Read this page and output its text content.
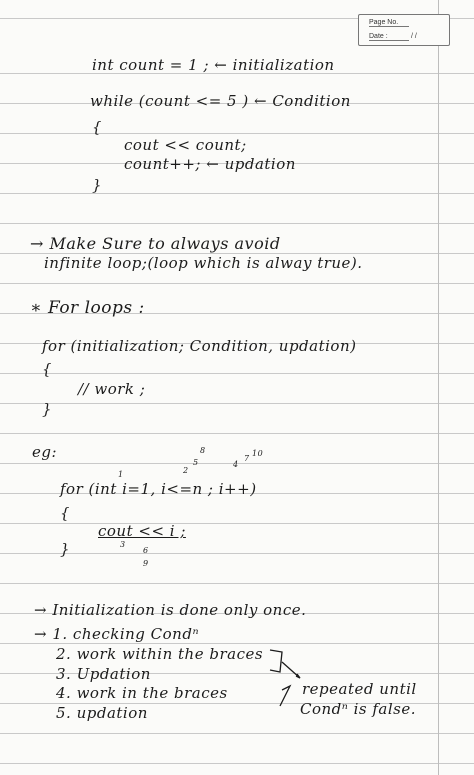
Page No.
Date :	/ /
int count = 1 ; ← initialization
while (count <= 5 ) ← Condition
{
cout << count;
count++; ← updation
}
→ Make Sure to always avoid
infinite loop;(loop which is alway true).
∗ For loops :
for (initialization; Condition, updation)
{
// work ;
}
eg:
1	2
5
8
4
7
10
for (int i=1, i<=n ; i++)
{
cout << i ;
3
6
9
}
→ Initialization is done only once.
→ 1. checking Condⁿ
2. work within the braces
3. Updation
4. work in the braces
5. updation
repeated until
Condⁿ is false.
